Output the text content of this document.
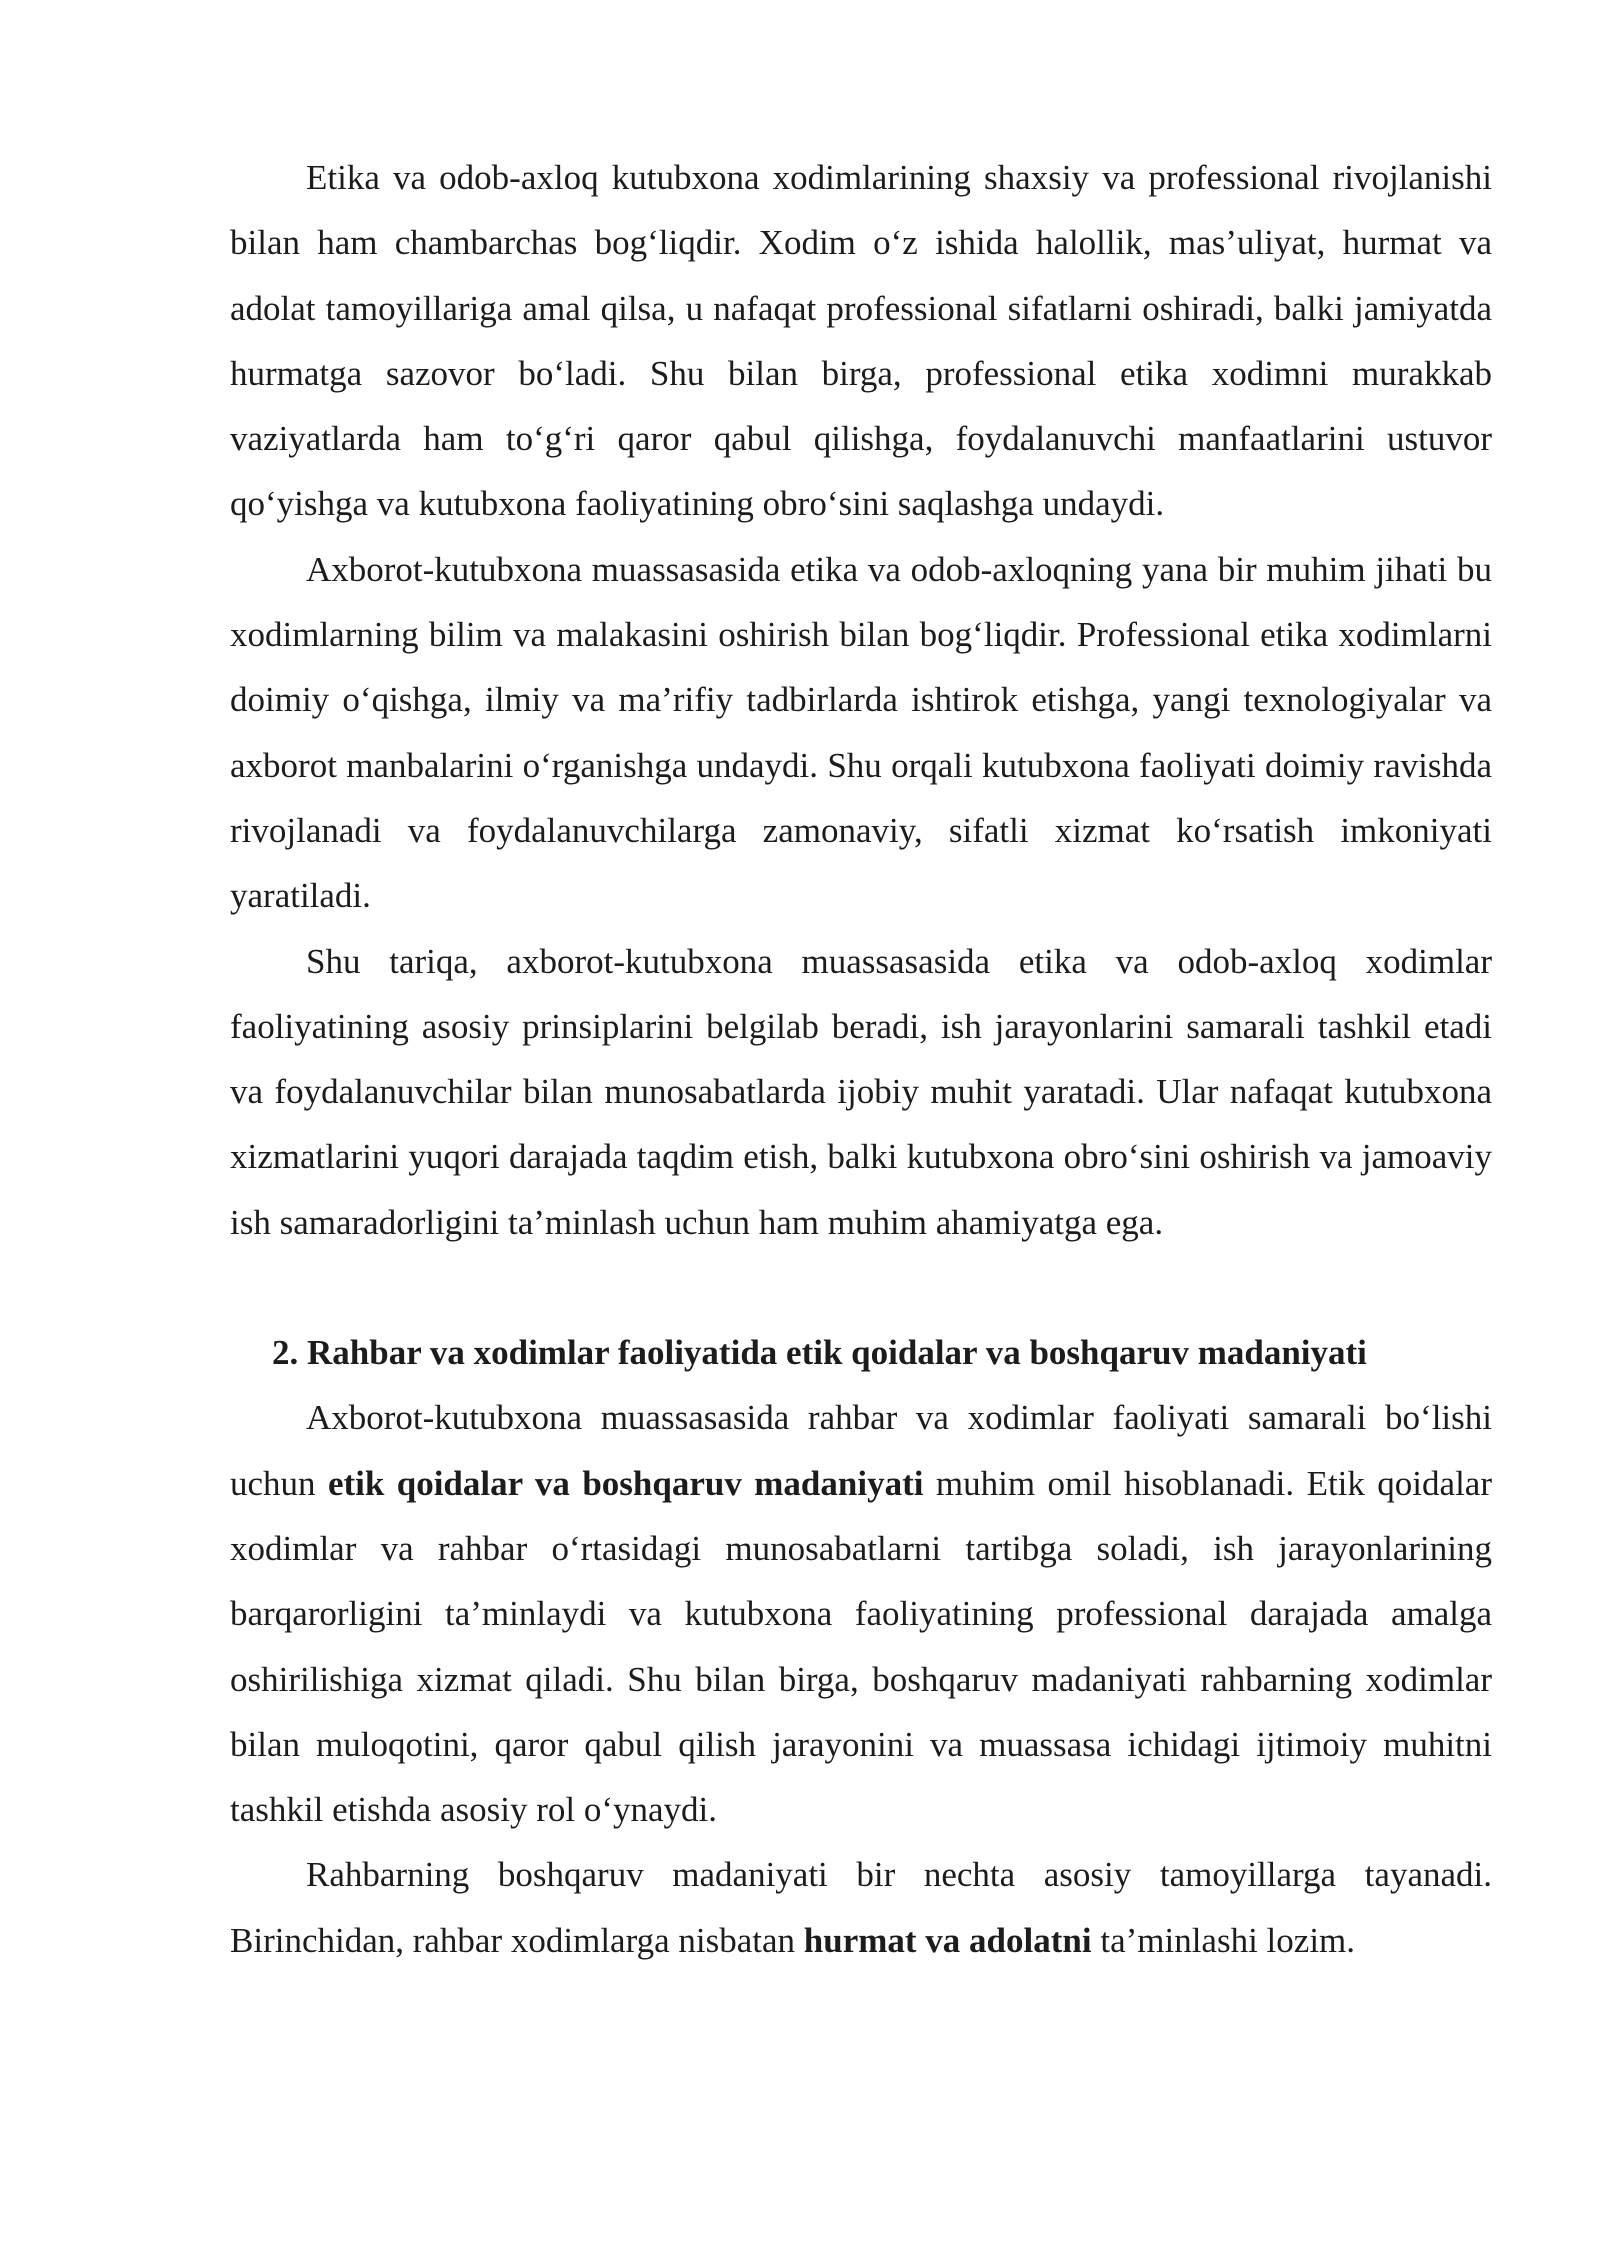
Etika va odob-axloq kutubxona xodimlarining shaxsiy va professional rivojlanishi bilan ham chambarchas bog‘liqdir. Xodim o‘z ishida halollik, mas’uliyat, hurmat va adolat tamoyillariga amal qilsa, u nafaqat professional sifatlarni oshiradi, balki jamiyatda hurmatga sazovor bo‘ladi. Shu bilan birga, professional etika xodimni murakkab vaziyatlarda ham to‘g‘ri qaror qabul qilishga, foydalanuvchi manfaatlarini ustuvor qo‘yishga va kutubxona faoliyatining obro‘sini saqlashga undaydi.

Axborot-kutubxona muassasasida etika va odob-axloqning yana bir muhim jihati bu xodimlarning bilim va malakasini oshirish bilan bog‘liqdir. Professional etika xodimlarni doimiy o‘qishga, ilmiy va ma’rifiy tadbirlarda ishtirok etishga, yangi texnologiyalar va axborot manbalarini o‘rganishga undaydi. Shu orqali kutubxona faoliyati doimiy ravishda rivojlanadi va foydalanuvchilarga zamonaviy, sifatli xizmat ko‘rsatish imkoniyati yaratiladi.

Shu tariqa, axborot-kutubxona muassasasida etika va odob-axloq xodimlar faoliyatining asosiy prinsiplarini belgilab beradi, ish jarayonlarini samarali tashkil etadi va foydalanuvchilar bilan munosabatlarda ijobiy muhit yaratadi. Ular nafaqat kutubxona xizmatlarini yuqori darajada taqdim etish, balki kutubxona obro‘sini oshirish va jamoaviy ish samaradorligini ta’minlash uchun ham muhim ahamiyatga ega.

2. Rahbar va xodimlar faoliyatida etik qoidalar va boshqaruv madaniyati

Axborot-kutubxona muassasasida rahbar va xodimlar faoliyati samarali bo‘lishi uchun etik qoidalar va boshqaruv madaniyati muhim omil hisoblanadi. Etik qoidalar xodimlar va rahbar o‘rtasidagi munosabatlarni tartibga soladi, ish jarayonlarining barqarorligini ta’minlaydi va kutubxona faoliyatining professional darajada amalga oshirilishiga xizmat qiladi. Shu bilan birga, boshqaruv madaniyati rahbarning xodimlar bilan muloqotini, qaror qabul qilish jarayonini va muassasa ichidagi ijtimoiy muhitni tashkil etishda asosiy rol o‘ynaydi.

Rahbarning boshqaruv madaniyati bir nechta asosiy tamoyillarga tayanadi. Birinchidan, rahbar xodimlarga nisbatan hurmat va adolatni ta’minlashi lozim.
